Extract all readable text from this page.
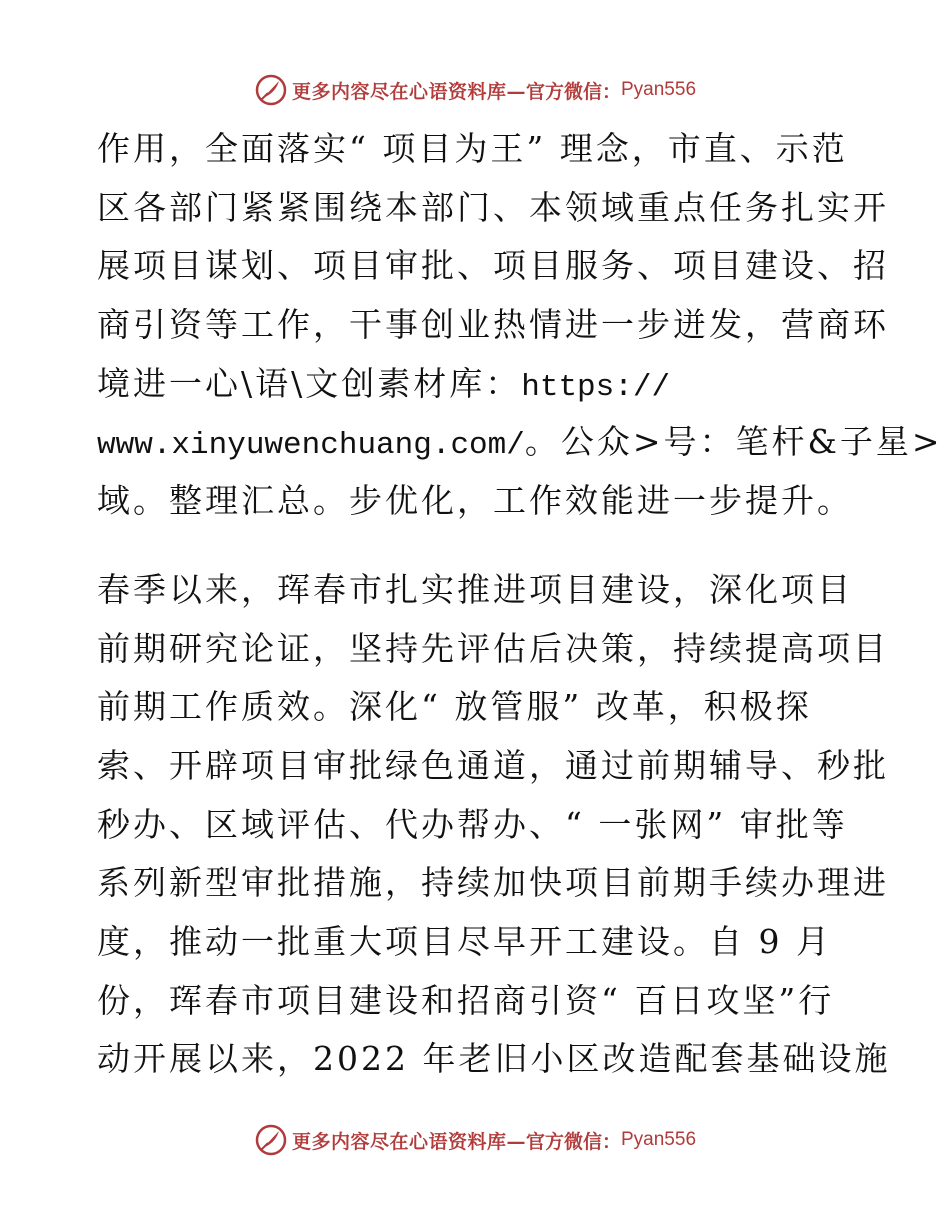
更多内容尽在心语资料库— 官方微信： Pyan556
作用，全面落实“ 项目为王” 理念，市直、示范
区各部门紧紧围绕本部门、本领域重点任务扎实开
展项目谋划、项目审批、项目服务、项目建设、招
商引资等工作，干事创业热情进一步迸发，营商环
境进一心\语\文创素材库：https://
www.xinyuwenchuang.com/。公众>号：笔杆&子星>
域。整理汇总。步优化，工作效能进一步提升。
春季以来，珲春市扎实推进项目建设，深化项目
前期研究论证，坚持先评估后决策，持续提高项目
前期工作质效。深化“ 放管服” 改革，积极探
索、开辟项目审批绿色通道，通过前期辅导、秒批
秒办、区域评估、代办帮办、“ 一张网” 审批等
系列新型审批措施，持续加快项目前期手续办理进
度，推动一批重大项目尽早开工建设。自 9 月
份，珲春市项目建设和招商引资“ 百日攻坚”行
动开展以来，2022 年老旧小区改造配套基础设施
更多内容尽在心语资料库— 官方微信： Pyan556
